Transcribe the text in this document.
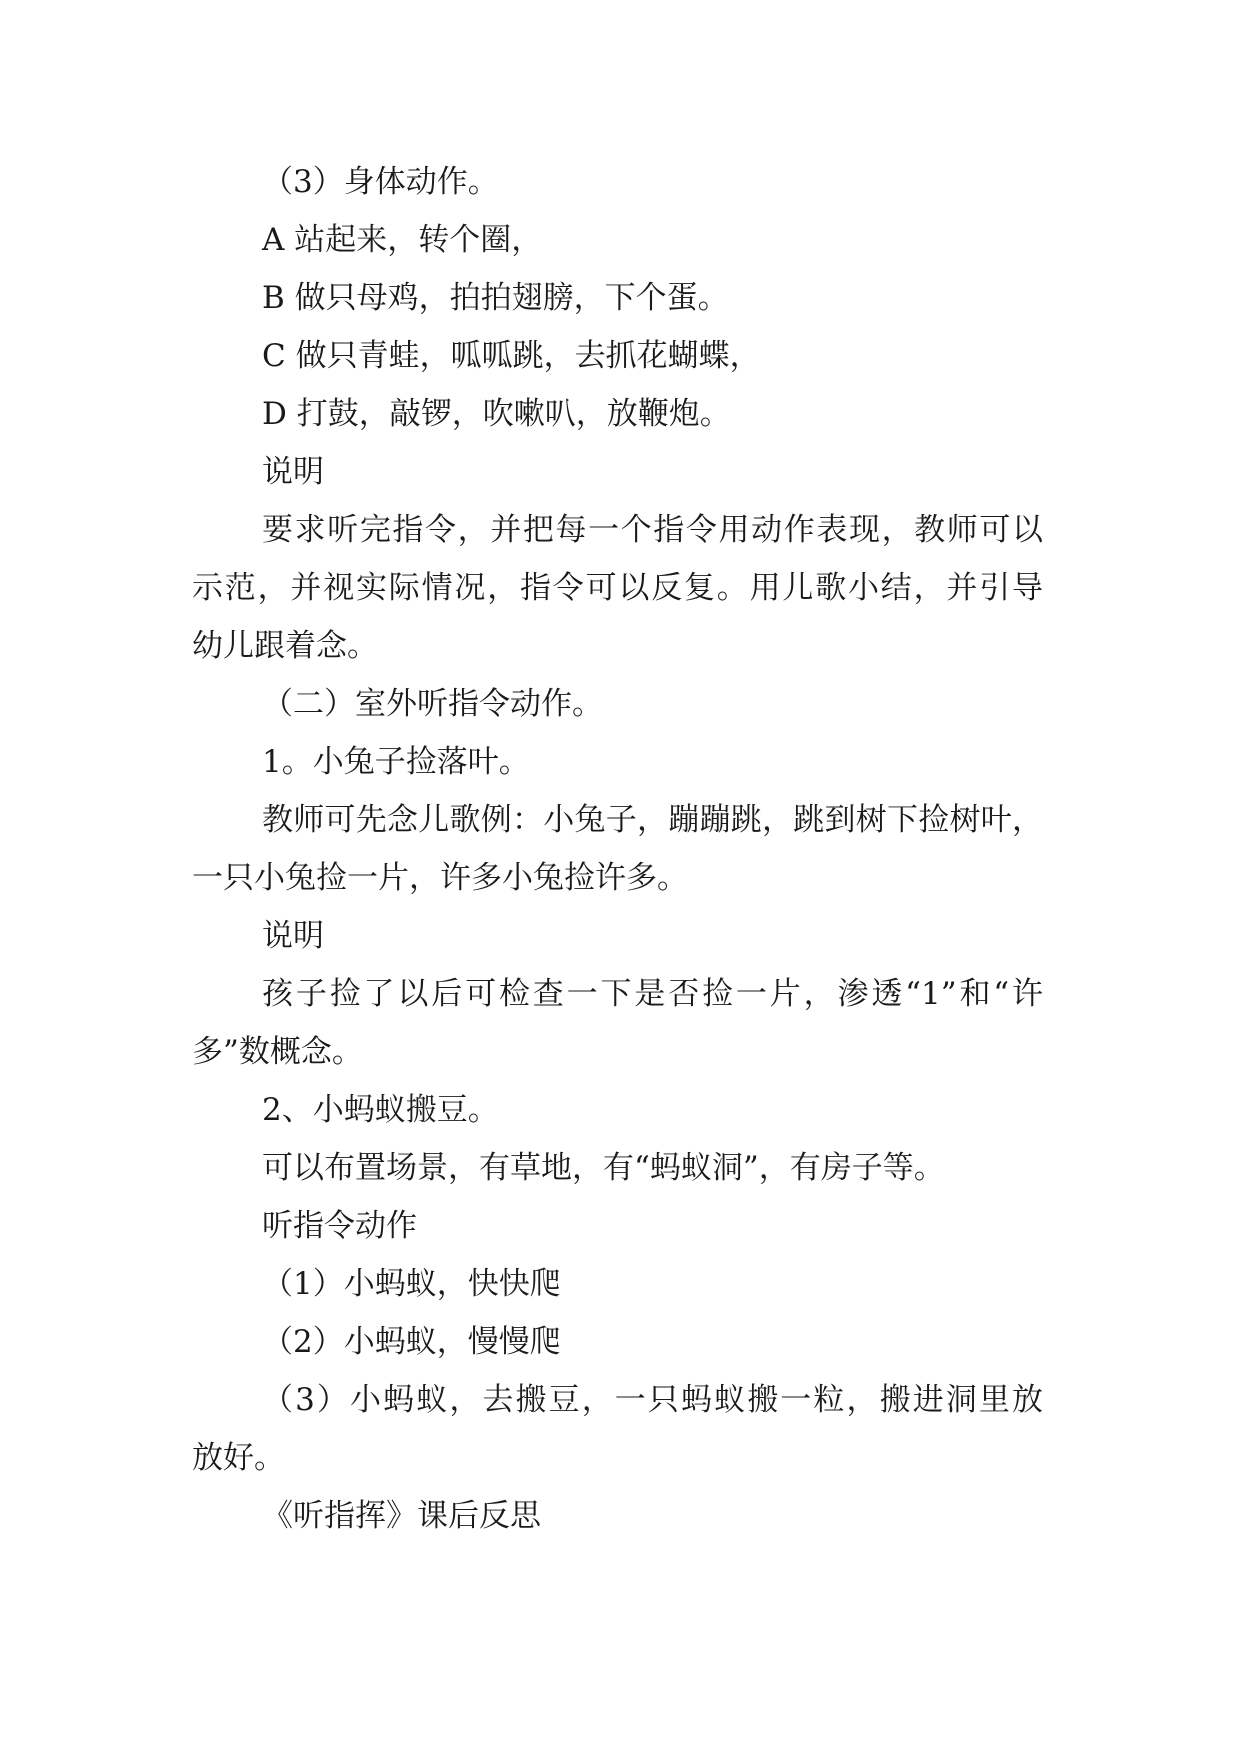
（3）身体动作。
A 站起来，转个圈，
B 做只母鸡，拍拍翅膀，下个蛋。
C 做只青蛙，呱呱跳，去抓花蝴蝶，
D 打鼓，敲锣，吹嗽叭，放鞭炮。
说明
要求听完指令，并把每一个指令用动作表现，教师可以
示范，并视实际情况，指令可以反复。用儿歌小结，并引导
幼儿跟着念。
（二）室外听指令动作。
1。小兔子捡落叶。
教师可先念儿歌例：小兔子，蹦蹦跳，跳到树下捡树叶，
一只小兔捡一片，许多小兔捡许多。
说明
孩子捡了以后可检查一下是否捡一片，渗透“1”和“许
多”数概念。
2、小蚂蚁搬豆。
可以布置场景，有草地，有“蚂蚁洞”，有房子等。
听指令动作
（1）小蚂蚁，快快爬
（2）小蚂蚁，慢慢爬
（3）小蚂蚁，去搬豆，一只蚂蚁搬一粒，搬进洞里放
放好。
《听指挥》课后反思
